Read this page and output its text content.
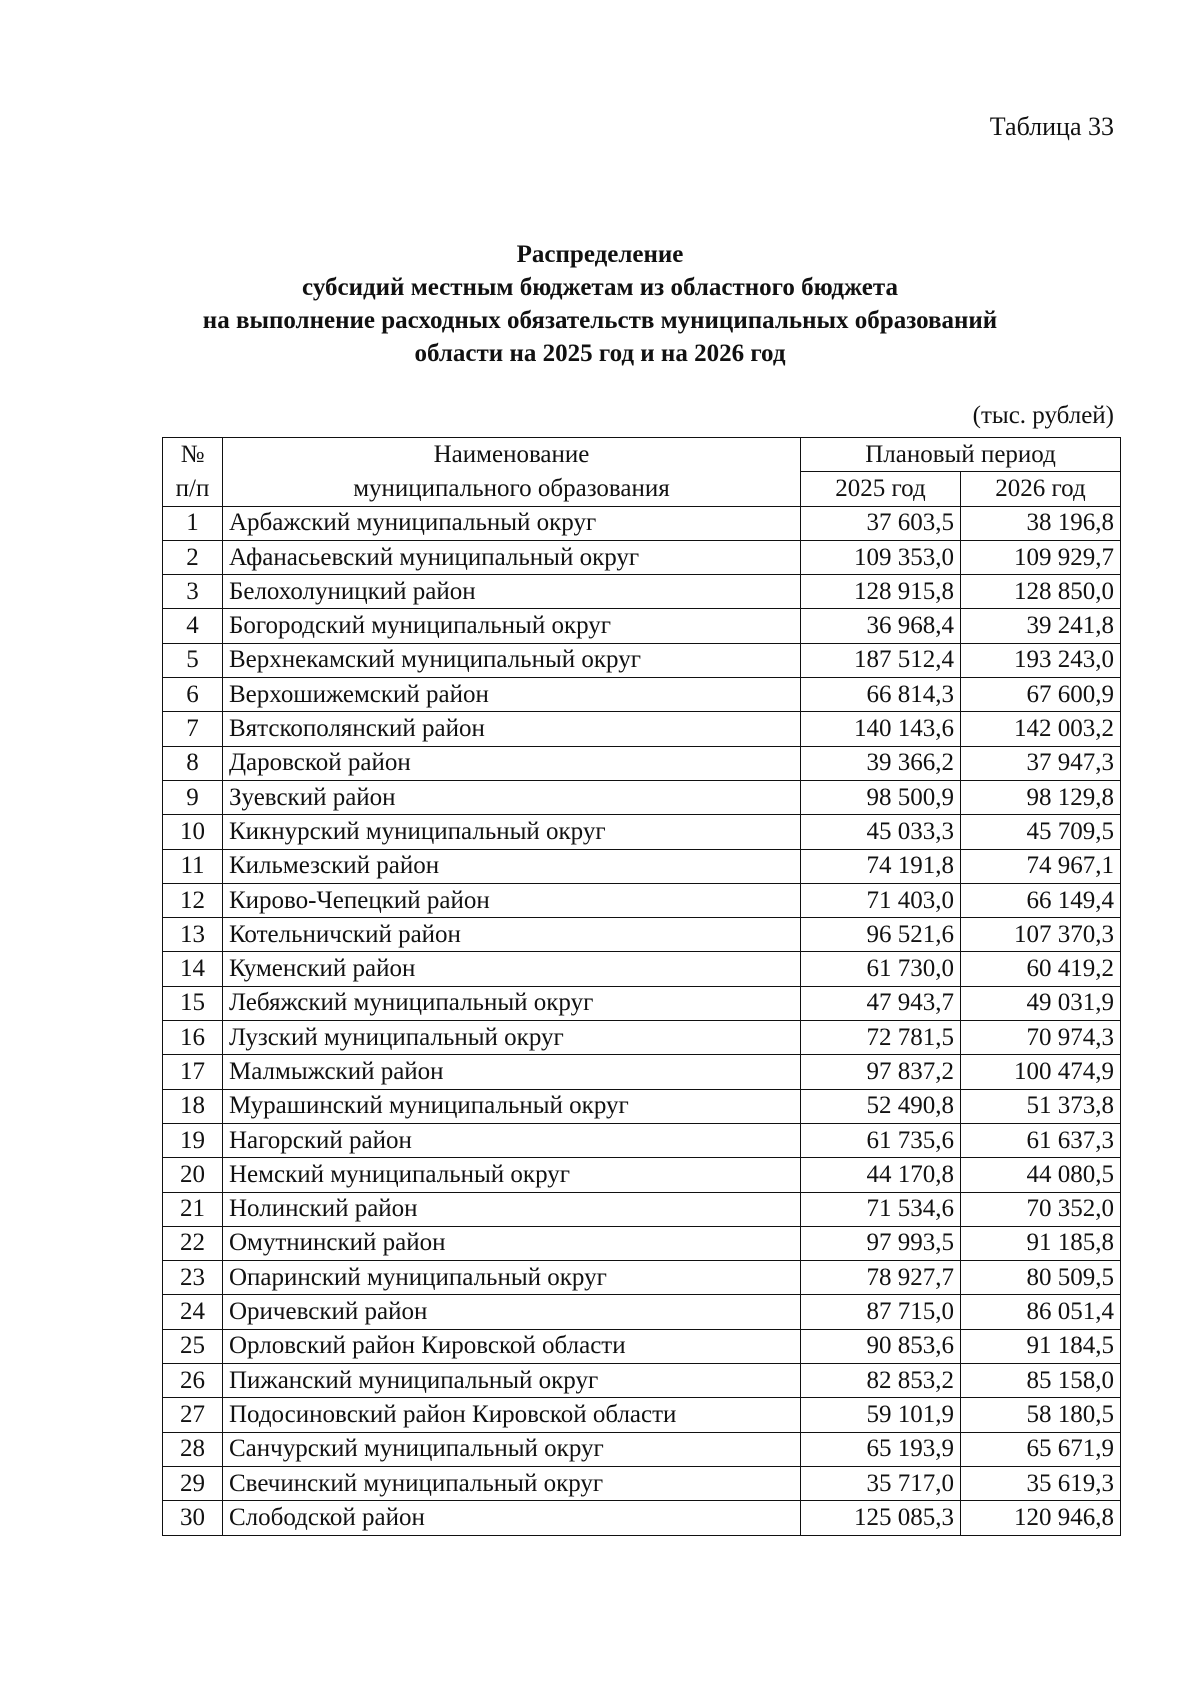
Таблица 33
Распределение
субсидий местным бюджетам из областного бюджета
на выполнение расходных обязательств муниципальных образований
области на 2025 год и на 2026 год
(тыс. рублей)
№	Наименование	Плановый период	
п/п	муниципального образования	2025 год	2026 год
1	Арбажский муниципальный округ	37 603,5	38 196,8
2	Афанасьевский муниципальный округ	109 353,0	109 929,7
3	Белохолуницкий район	128 915,8	128 850,0
4	Богородский муниципальный округ	36 968,4	39 241,8
5	Верхнекамский муниципальный округ	187 512,4	193 243,0
6	Верхошижемский район	66 814,3	67 600,9
7	Вятскополянский район	140 143,6	142 003,2
8	Даровской район	39 366,2	37 947,3
9	Зуевский район	98 500,9	98 129,8
10	Кикнурский муниципальный округ	45 033,3	45 709,5
11	Кильмезский район	74 191,8	74 967,1
12	Кирово-Чепецкий район	71 403,0	66 149,4
13	Котельничский район	96 521,6	107 370,3
14	Куменский район	61 730,0	60 419,2
15	Лебяжский муниципальный округ	47 943,7	49 031,9
16	Лузский муниципальный округ	72 781,5	70 974,3
17	Малмыжский район	97 837,2	100 474,9
18	Мурашинский муниципальный округ	52 490,8	51 373,8
19	Нагорский район	61 735,6	61 637,3
20	Немский муниципальный округ	44 170,8	44 080,5
21	Нолинский район	71 534,6	70 352,0
22	Омутнинский район	97 993,5	91 185,8
23	Опаринский муниципальный округ	78 927,7	80 509,5
24	Оричевский район	87 715,0	86 051,4
25	Орловский район Кировской области	90 853,6	91 184,5
26	Пижанский муниципальный округ	82 853,2	85 158,0
27	Подосиновский район Кировской области	59 101,9	58 180,5
28	Санчурский муниципальный округ	65 193,9	65 671,9
29	Свечинский муниципальный округ	35 717,0	35 619,3
30	Слободской район	125 085,3	120 946,8
